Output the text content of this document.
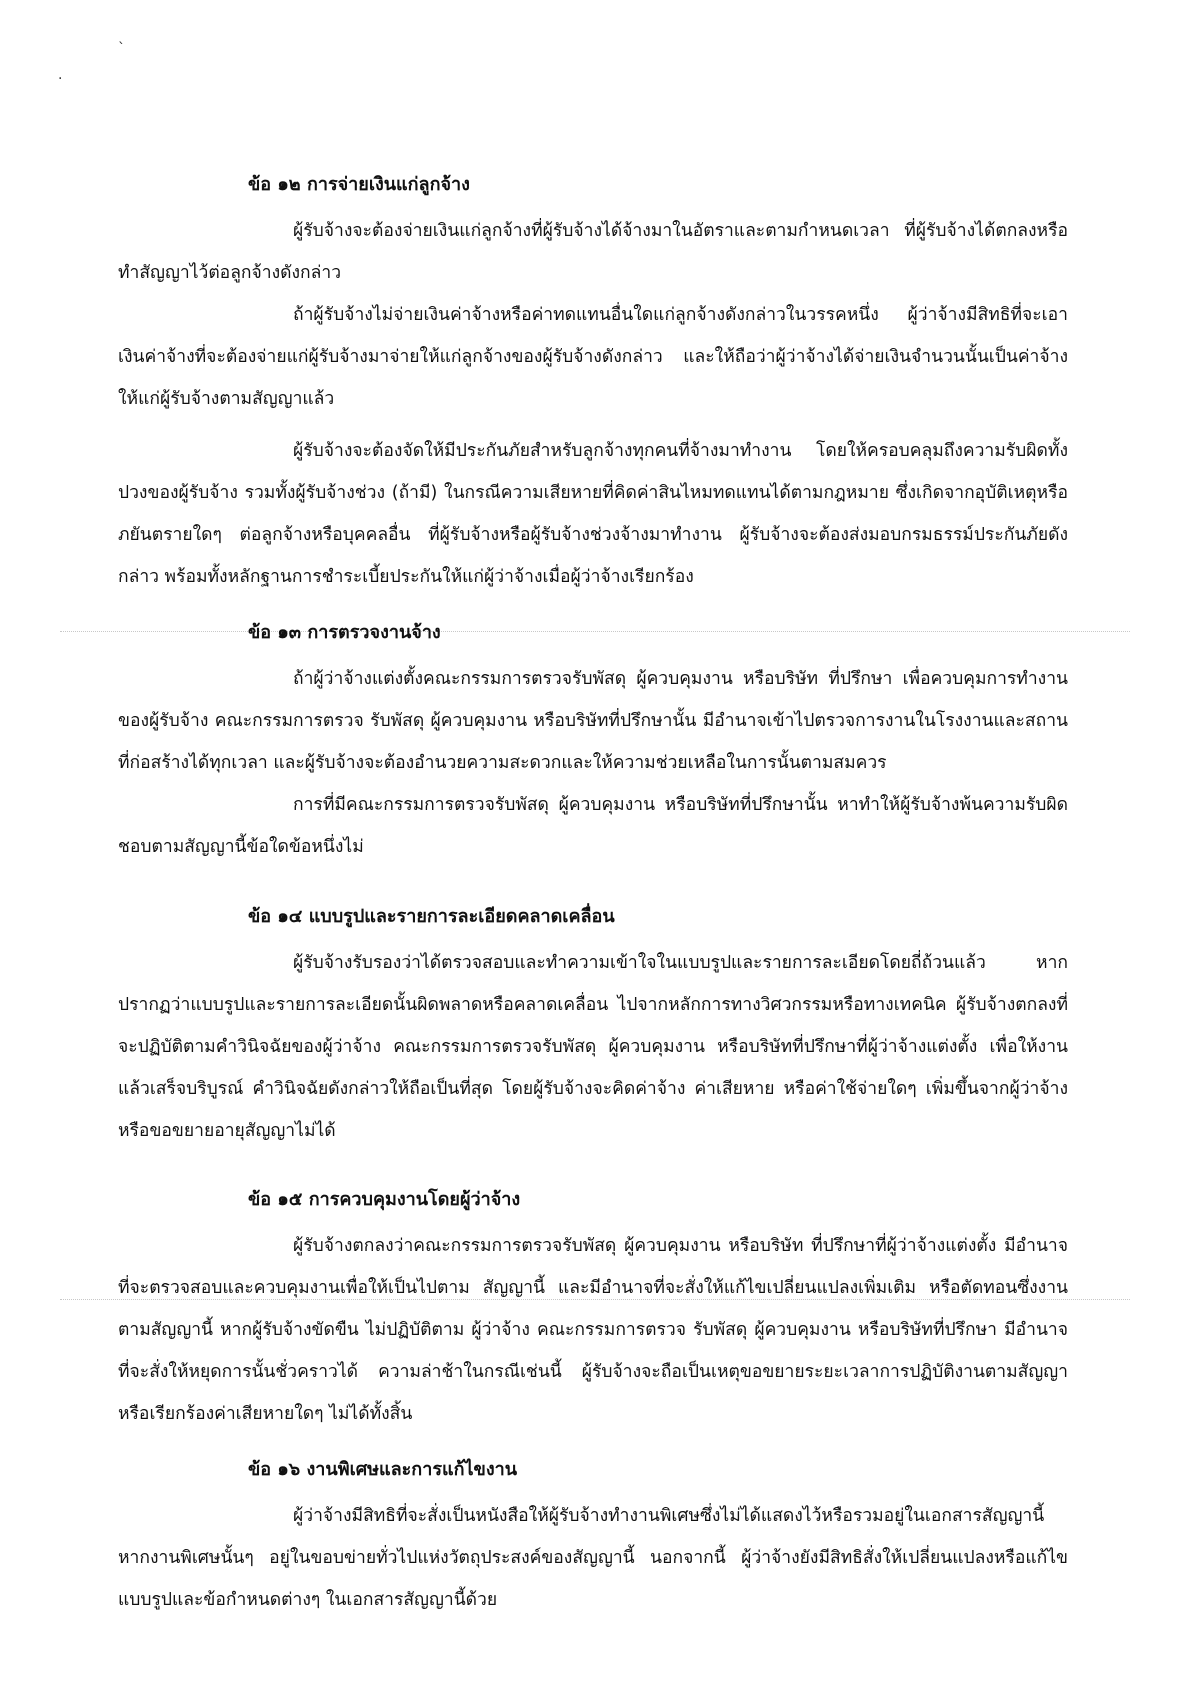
ˋ
·
ข้อ ๑๒ การจ่ายเงินแก่ลูกจ้าง

ผู้รับจ้างจะต้องจ่ายเงินแก่ลูกจ้างที่ผู้รับจ้างได้จ้างมาในอัตราและตามกำหนดเวลา ที่ผู้รับจ้างได้ตกลงหรือทำสัญญาไว้ต่อลูกจ้างดังกล่าว

ถ้าผู้รับจ้างไม่จ่ายเงินค่าจ้างหรือค่าทดแทนอื่นใดแก่ลูกจ้างดังกล่าวในวรรคหนึ่ง ผู้ว่าจ้างมีสิทธิที่จะเอาเงินค่าจ้างที่จะต้องจ่ายแก่ผู้รับจ้างมาจ่ายให้แก่ลูกจ้างของผู้รับจ้างดังกล่าว และให้ถือว่าผู้ว่าจ้างได้จ่ายเงินจำนวนนั้นเป็นค่าจ้างให้แก่ผู้รับจ้างตามสัญญาแล้ว

ผู้รับจ้างจะต้องจัดให้มีประกันภัยสำหรับลูกจ้างทุกคนที่จ้างมาทำงาน โดยให้ครอบคลุมถึงความรับผิดทั้งปวงของผู้รับจ้าง รวมทั้งผู้รับจ้างช่วง (ถ้ามี) ในกรณีความเสียหายที่คิดค่าสินไหมทดแทนได้ตามกฎหมาย ซึ่งเกิดจากอุบัติเหตุหรือภยันตรายใดๆ ต่อลูกจ้างหรือบุคคลอื่น ที่ผู้รับจ้างหรือผู้รับจ้างช่วงจ้างมาทำงาน ผู้รับจ้างจะต้องส่งมอบกรมธรรม์ประกันภัยดังกล่าว พร้อมทั้งหลักฐานการชำระเบี้ยประกันให้แก่ผู้ว่าจ้างเมื่อผู้ว่าจ้างเรียกร้อง

ข้อ ๑๓ การตรวจงานจ้าง

ถ้าผู้ว่าจ้างแต่งตั้งคณะกรรมการตรวจรับพัสดุ ผู้ควบคุมงาน หรือบริษัท ที่ปรึกษา เพื่อควบคุมการทำงานของผู้รับจ้าง คณะกรรมการตรวจ รับพัสดุ ผู้ควบคุมงาน หรือบริษัทที่ปรึกษานั้น มีอำนาจเข้าไปตรวจการงานในโรงงานและสถานที่ก่อสร้างได้ทุกเวลา และผู้รับจ้างจะต้องอำนวยความสะดวกและให้ความช่วยเหลือในการนั้นตามสมควร

การที่มีคณะกรรมการตรวจรับพัสดุ ผู้ควบคุมงาน หรือบริษัทที่ปรึกษานั้น หาทำให้ผู้รับจ้างพ้นความรับผิดชอบตามสัญญานี้ข้อใดข้อหนึ่งไม่

ข้อ ๑๔ แบบรูปและรายการละเอียดคลาดเคลื่อน

ผู้รับจ้างรับรองว่าได้ตรวจสอบและทำความเข้าใจในแบบรูปและรายการละเอียดโดยถี่ถ้วนแล้ว หากปรากฏว่าแบบรูปและรายการละเอียดนั้นผิดพลาดหรือคลาดเคลื่อน ไปจากหลักการทางวิศวกรรมหรือทางเทคนิค ผู้รับจ้างตกลงที่จะปฏิบัติตามคำวินิจฉัยของผู้ว่าจ้าง คณะกรรมการตรวจรับพัสดุ ผู้ควบคุมงาน หรือบริษัทที่ปรึกษาที่ผู้ว่าจ้างแต่งตั้ง เพื่อให้งานแล้วเสร็จบริบูรณ์ คำวินิจฉัยดังกล่าวให้ถือเป็นที่สุด โดยผู้รับจ้างจะคิดค่าจ้าง ค่าเสียหาย หรือค่าใช้จ่ายใดๆ เพิ่มขึ้นจากผู้ว่าจ้างหรือขอขยายอายุสัญญาไม่ได้

ข้อ ๑๕ การควบคุมงานโดยผู้ว่าจ้าง

ผู้รับจ้างตกลงว่าคณะกรรมการตรวจรับพัสดุ ผู้ควบคุมงาน หรือบริษัท ที่ปรึกษาที่ผู้ว่าจ้างแต่งตั้ง มีอำนาจที่จะตรวจสอบและควบคุมงานเพื่อให้เป็นไปตาม สัญญานี้ และมีอำนาจที่จะสั่งให้แก้ไขเปลี่ยนแปลงเพิ่มเติม หรือตัดทอนซึ่งงานตามสัญญานี้ หากผู้รับจ้างขัดขืน ไม่ปฏิบัติตาม ผู้ว่าจ้าง คณะกรรมการตรวจ รับพัสดุ ผู้ควบคุมงาน หรือบริษัทที่ปรึกษา มีอำนาจ ที่จะสั่งให้หยุดการนั้นชั่วคราวได้ ความล่าช้าในกรณีเช่นนี้ ผู้รับจ้างจะถือเป็นเหตุขอขยายระยะเวลาการปฏิบัติงานตามสัญญาหรือเรียกร้องค่าเสียหายใดๆ ไม่ได้ทั้งสิ้น

ข้อ ๑๖ งานพิเศษและการแก้ไขงาน

ผู้ว่าจ้างมีสิทธิที่จะสั่งเป็นหนังสือให้ผู้รับจ้างทำงานพิเศษซึ่งไม่ได้แสดงไว้หรือรวมอยู่ในเอกสารสัญญานี้ หากงานพิเศษนั้นๆ อยู่ในขอบข่ายทั่วไปแห่งวัตถุประสงค์ของสัญญานี้ นอกจากนี้ ผู้ว่าจ้างยังมีสิทธิสั่งให้เปลี่ยนแปลงหรือแก้ไขแบบรูปและข้อกำหนดต่างๆ ในเอกสารสัญญานี้ด้วย
